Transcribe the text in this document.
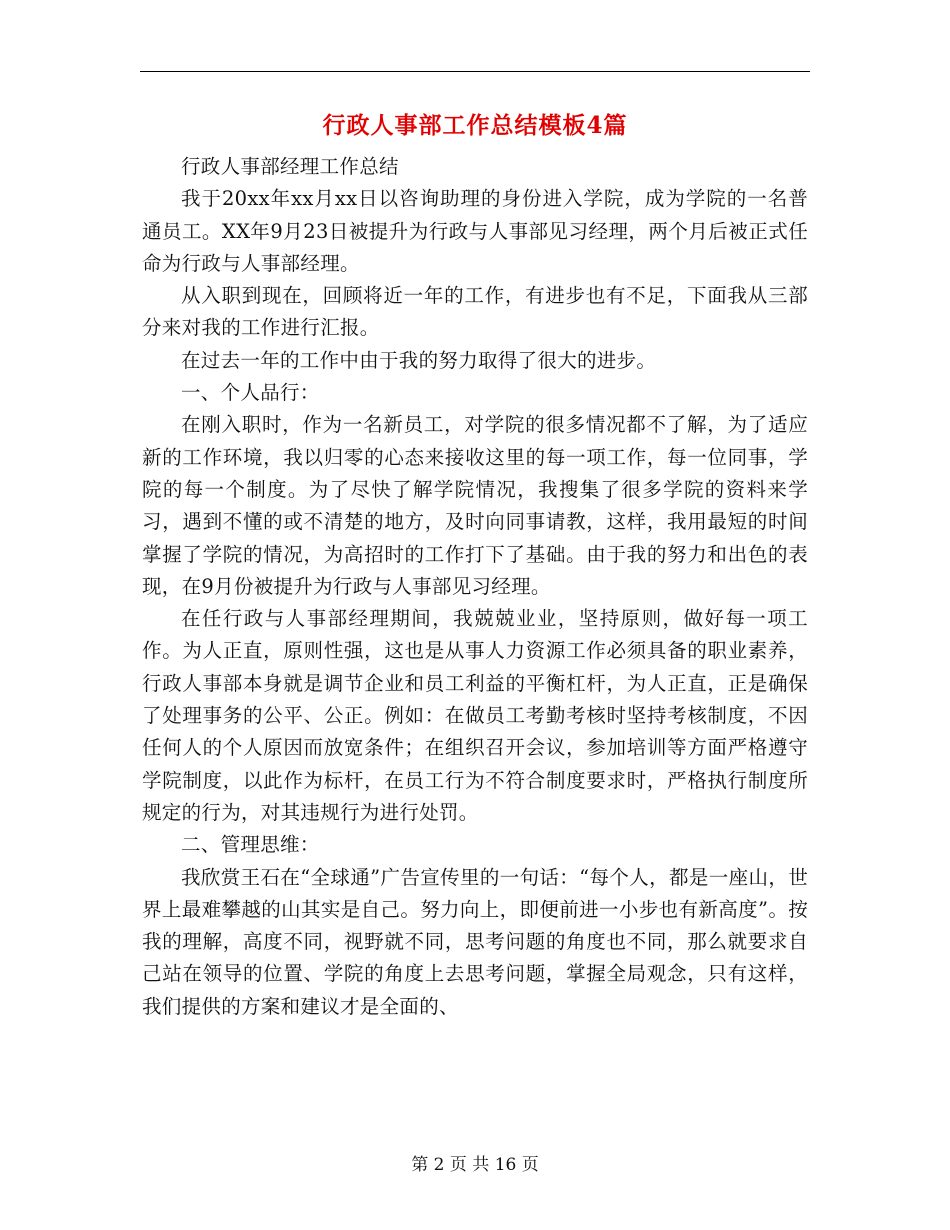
行政人事部工作总结模板4篇

行政人事部经理工作总结

我于20xx年xx月xx日以咨询助理的身份进入学院，成为学院的一名普通员工。XX年9月23日被提升为行政与人事部见习经理，两个月后被正式任命为行政与人事部经理。

从入职到现在，回顾将近一年的工作，有进步也有不足，下面我从三部分来对我的工作进行汇报。

在过去一年的工作中由于我的努力取得了很大的进步。

一、个人品行：

在刚入职时，作为一名新员工，对学院的很多情况都不了解，为了适应新的工作环境，我以归零的心态来接收这里的每一项工作，每一位同事，学院的每一个制度。为了尽快了解学院情况，我搜集了很多学院的资料来学习，遇到不懂的或不清楚的地方，及时向同事请教，这样，我用最短的时间掌握了学院的情况，为高招时的工作打下了基础。由于我的努力和出色的表现，在9月份被提升为行政与人事部见习经理。

在任行政与人事部经理期间，我兢兢业业，坚持原则，做好每一项工作。为人正直，原则性强，这也是从事人力资源工作必须具备的职业素养，行政人事部本身就是调节企业和员工利益的平衡杠杆，为人正直，正是确保了处理事务的公平、公正。例如：在做员工考勤考核时坚持考核制度，不因任何人的个人原因而放宽条件；在组织召开会议，参加培训等方面严格遵守学院制度，以此作为标杆，在员工行为不符合制度要求时，严格执行制度所规定的行为，对其违规行为进行处罚。

二、管理思维：

我欣赏王石在“全球通”广告宣传里的一句话：“每个人，都是一座山，世界上最难攀越的山其实是自己。努力向上，即便前进一小步也有新高度”。按我的理解，高度不同，视野就不同，思考问题的角度也不同，那么就要求自己站在领导的位置、学院的角度上去思考问题，掌握全局观念，只有这样，我们提供的方案和建议才是全面的、

第 2 页 共 16 页
